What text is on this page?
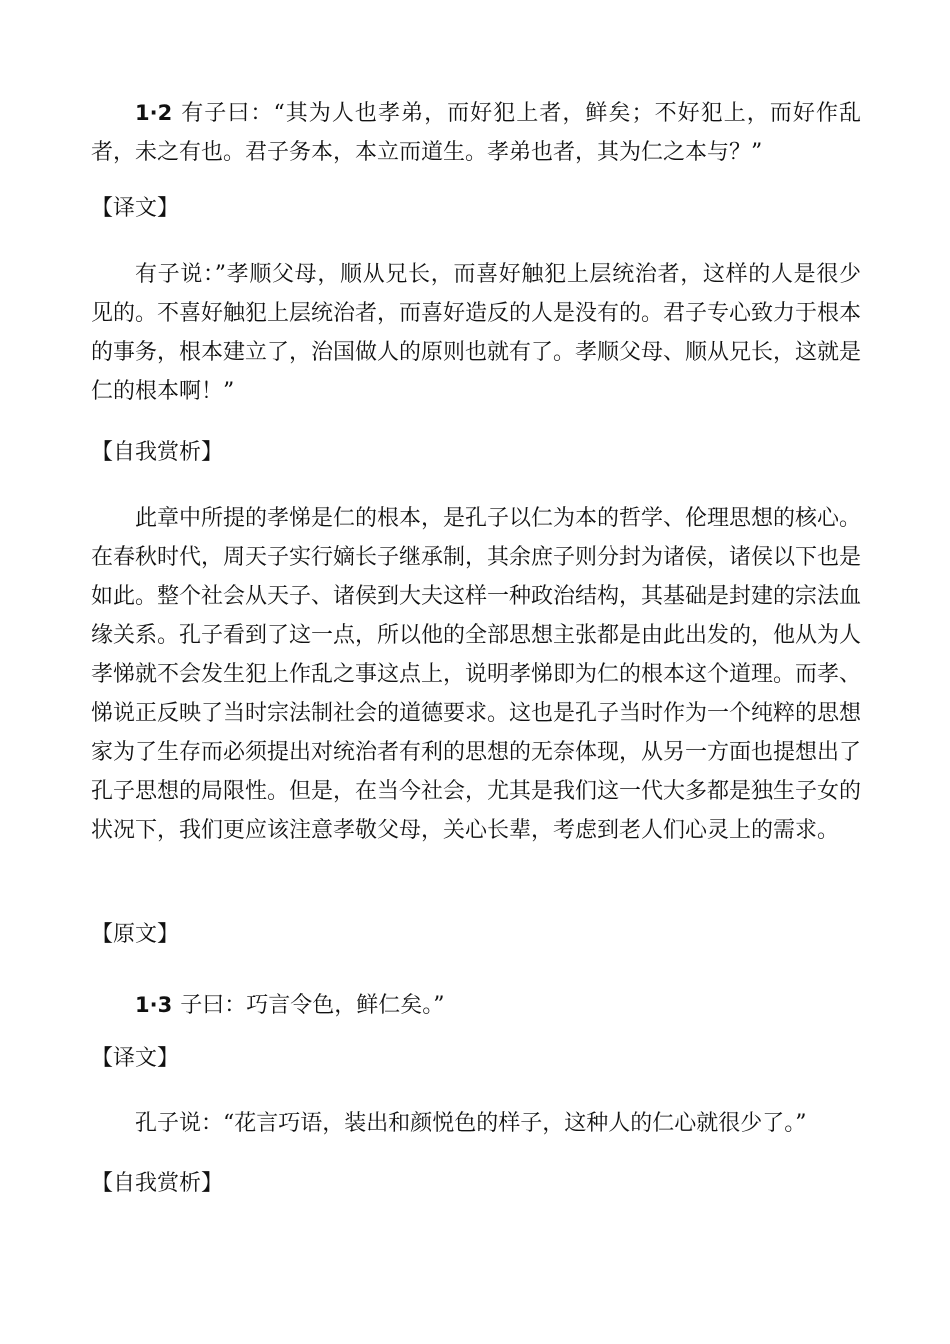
1·2 有子曰：“其为人也孝弟，而好犯上者，鲜矣；不好犯上，而好作乱者，未之有也。君子务本，本立而道生。孝弟也者，其为仁之本与？”

【译文】

有子说：”孝顺父母，顺从兄长，而喜好触犯上层统治者，这样的人是很少见的。不喜好触犯上层统治者，而喜好造反的人是没有的。君子专心致力于根本的事务，根本建立了，治国做人的原则也就有了。孝顺父母、顺从兄长，这就是仁的根本啊！”

【自我赏析】

此章中所提的孝悌是仁的根本，是孔子以仁为本的哲学、伦理思想的核心。在春秋时代，周天子实行嫡长子继承制，其余庶子则分封为诸侯，诸侯以下也是如此。整个社会从天子、诸侯到大夫这样一种政治结构，其基础是封建的宗法血缘关系。孔子看到了这一点，所以他的全部思想主张都是由此出发的，他从为人孝悌就不会发生犯上作乱之事这点上，说明孝悌即为仁的根本这个道理。而孝、悌说正反映了当时宗法制社会的道德要求。这也是孔子当时作为一个纯粹的思想家为了生存而必须提出对统治者有利的思想的无奈体现，从另一方面也提想出了孔子思想的局限性。但是，在当今社会，尤其是我们这一代大多都是独生子女的状况下，我们更应该注意孝敬父母，关心长辈，考虑到老人们心灵上的需求。

【原文】

1·3 子曰：巧言令色，鲜仁矣。”

【译文】

孔子说：“花言巧语，装出和颜悦色的样子，这种人的仁心就很少了。”

【自我赏析】
